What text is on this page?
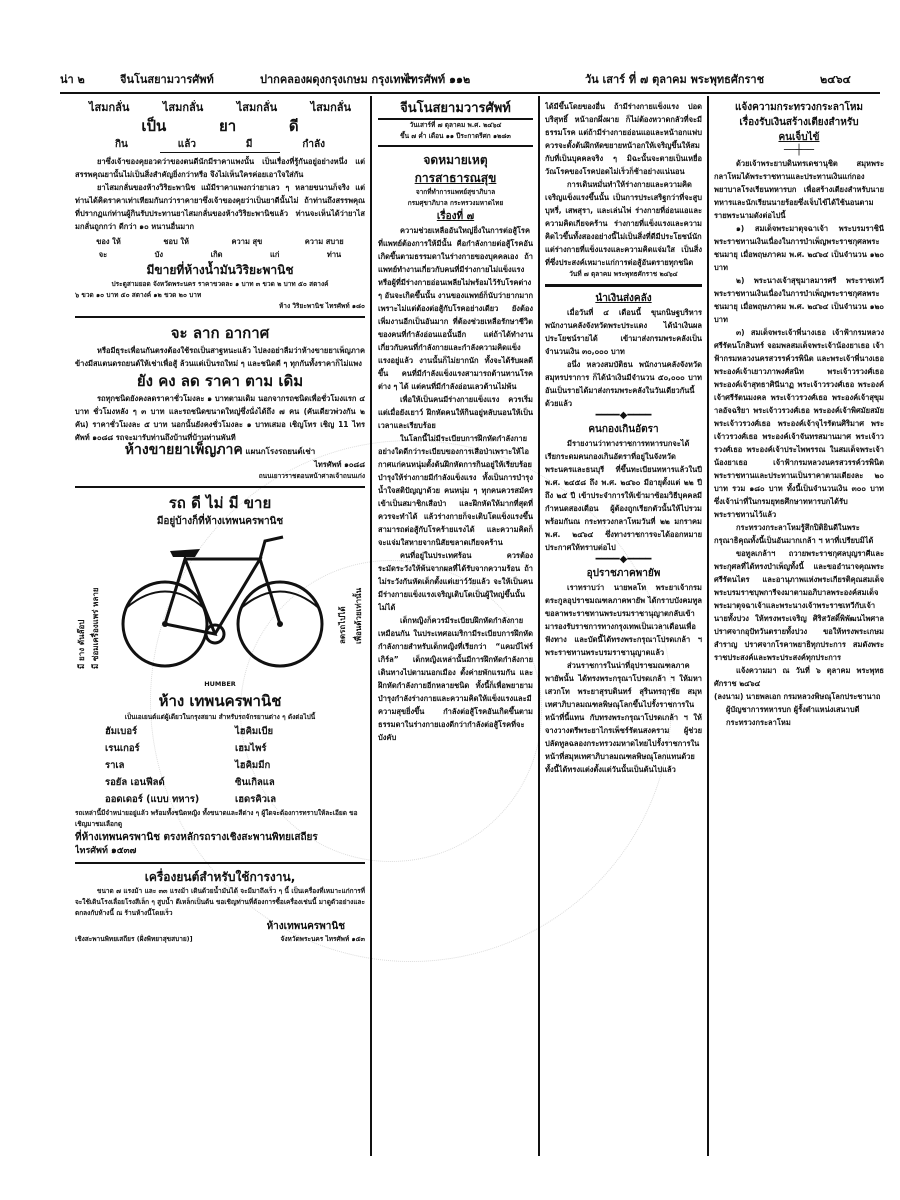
น่า ๒	จีนโนสยามวารศัพท์	ปากคลองผดุงกรุงเกษม กรุงเทพฯ
ไทรศัพท์ ๑๑๒	วัน เสาร์ ที่ ๗ ตุลาคม พระพุทธศักราช	๒๔๖๔
ไสมกลั่น	ไสมกลั่น	ไสมกลั่น	ไสมกลั่น
เป็น	ยา	ดี
กิน	แล้ว	มี	กำลัง

ยาซึ่งเจ้าของคุยอวดว่าของตนดีนักมีราคาแพงนั้น เป็นเรื่องที่รู้กันอยู่อย่างหนึ่ง แต่สรรพคุณยานั้นไม่เป็นสิ่งสำคัญยิ่งกว่าหรือ จึงไม่เห็นใครค่อยเอาใจใส่กัน

ยาไสมกลั่นของห้างวิริยะพานิช แม้มีราคาแพงกว่ายาเลว ๆ หลายขนานก็จริง แต่ท่านได้คิดราคาเท่าเทียมกันกว่าราคายาซึ่งเจ้าของคุยว่าเป็นยาดีนั้นไม่ ถ้าท่านถึงสรรพคุณที่ปรากฏแก่ท่านผู้กินรับประทานยาไสมกลั่นของห้างวิริยะพานิชแล้ว ท่านจะเห็นได้ว่ายาไสมกลั่นถูกกว่า ดีกว่า ๑๐ หนานอื่นมาก

ของ ให้	ชอบ ให้	ความ สุข	ความ สบาย
จะ	บัง	เกิด	แก่	ท่าน
มีขายที่ห้างน้ำมันวิริยะพานิช
ประตูสามยอด จังหวัดพระนคร ราคาขวดละ ๑ บาท ๓ ขวด ๒ บาท ๕๐ สตางค์
๖ ขวด ๑๐ บาท ๕๐ สตางค์ ๑๒ ขวด ๒๐ บาท
ห้าง วิริยะพานิช ไทรศัพท์ ๑๘๐
จะ ลาก อากาศ

หรือมีธุระเพื่อนกันตรงต้องใช้รถเป็นสาฐหนะแล้ว ไปลงอย่าลืมว่าห้างขายยาเพ็ญภาค ข้างมีสแตนดรถยนต์ให้เช่าเพื่อสู้ ล้วนแต่เป็นรถใหม่ ๆ และชนิดดี ๆ ทุกกันทั้งราคาก็ไม่แพง

ยัง คง ลด ราคา ตาม เดิม

รถทุกชนิดยังคงลดราคาชั่วโมงละ ๑ บาทตามเดิม นอกจากรถชนิดเพื่อชั่วโมงแรก ๔ บาท ชั่วโมงหลัง ๆ ๓ บาท และรถชนิดขนาดใหญ่ซึ่งนั่งได้ถึง ๗ คน (คันเดียวพ่วงกัน ๒ คัน) ราคาชั่วโมงละ ๕ บาท นอกนั้นยังคงชั่วโมงละ ๑ บาทเสมอ เชิญโทร เชิญ 11 ไทรศัพท์ ๑๐๘๘ รถจะมารับท่านถึงบ้านที่บ้านท่านพันที

ห้างขายยาเพ็ญภาค แผนกโรงรถยนต์เช่า
ไทรศัพท์ ๑๐๘๘
ถนนเยาวราชตอนหน้าศาลเจ้าถนนเก่ง
รถ ดี ไม่ มี ขาย
มีอยู่บ้างก็ที่ห้างเทพนครพานิช
มี ยาง ดันล๊อป มี ซ่อมเครื่องแพร่ หลาย	ลดรถไปได้ เพื่อนด้วยเท่านั้น
HUMBER
ห้าง เทพนครพานิช
เป็นเอเยนต์แต่ผู้เดียวในกรุงสยาม สำหรับรถจักรยานต่าง ๆ ดังต่อไปนี้
ฮัมเบอร์	ไฮคิมเบีย
เรนเกอร์	เฮมไพร์
ราเล	ไฮคิมมีก
รอยัล เอนฟีลด์	ซินเกิลแล
ออดเดอร์ (แบบ ทหาร)	เฮดรคิวเล
รถเหล่านี้มีจำหน่ายอยู่แล้ว พร้อมทั้งชนิดหญิง ทั้งขนาดและสีต่าง ๆ ผู้ใดจะต้องการทราบให้ละเอียด ขอเชิญมาชมเลือกดู
ที่ห้างเทพนครพานิช ตรงหลักรถรางเชิงสะพานพิทยเสถียร
ไทรศัพท์ ๑๕๓๗
เครื่องยนต์สำหรับใช้การงาน,

ขนาด ๗ แรงม้า และ ๓๓ แรงม้า เดินด้วยน้ำมันได้ จะมีมาถึงเร็ว ๆ นี้ เป็นเครื่องที่เหมาะแก่การที่จะใช้เดินโรงเลื่อยโรงสีเล็ก ๆ สูบน้ำ ตีเหล็กเป็นต้น ขอเชิญท่านที่ต้องการซื้อเครื่องเช่นนี้ มาดูตัวอย่างและตกลงกับห้างนี้ ณ ร้านห้างนี้โดยเร็ว

ห้างเทพนครพานิช
เชิงสะพานพิทยเสถียร (ฝั่งพิทยาสุขสบาย)]	จังหวัดพระนคร ไทรศัพท์ ๑๕๓
จีนโนสยามวารศัพท์
วันเสาร์ที่ ๗ ตุลาคม พ.ศ. ๒๔๖๔
ขึ้น ๗ ค่ำ เดือน ๑๑ ปีระกาตรีศก ๑๒๘๓
จดหมายเหตุ
การสาธารณสุข
จากที่ทำการแพทย์สุขาภิบาล
กรมศุขาภิบาล กระทรวงมหาดไทย
เรื่องที่ ๗

ความช่วยเหลืออันใหญ่ยิ่งในการต่อสู้โรคที่แพทย์ต้องการให้มีนั้น คือกำลังกายต่อสู้โรคอันเกิดขึ้นตามธรรมดาในร่างกายของบุคคลเอง ถ้าแพทย์ทำงานเกี่ยวกับคนที่มีร่างกายไม่แข็งแรงหรือผู้ที่มีร่างกายอ่อนเพลียไม่พร้อมไว้รับโรคต่าง ๆ อันจะเกิดขึ้นนั้น งานของแพทย์ก็นับว่ายากมาก เพราะไม่แต่ต้องต่อสู้กับโรคอย่างเดียว ยังต้องเพิ่มงานอีกเป็นอันมาก ที่ต้องช่วยเหลือรักษาชีวิตของคนที่กำลังอ่อนแอนั้นอีก แต่ถ้าได้ทำงานเกี่ยวกับคนที่กำลังกายและกำลังความคิดแข็งแรงอยู่แล้ว งานนั้นก็ไม่ยากนัก ทั้งจะได้รับผลดีขึ้น คนที่มีกำลังแข็งแรงสามารถต้านทานโรคต่าง ๆ ได้ แต่คนที่มีกำลังอ่อนเลวต้านไม่พ้น

เพื่อให้เป็นคนมีร่างกายแข็งแรง ควรเริ่มแต่เมื่อยังเยาว์ ฝึกหัดคนให้กินอยู่หลับนอนให้เป็นเวลาและเรียบร้อย

ในโลกนี้ไม่มีระเบียบการฝึกหัดกำลังกายอย่างใดดีกว่าระเบียบของการเสือป่าเพราะให้ไอกาศแก่คนหนุ่มตั้งต้นฝึกหัดการกินอยู่ให้เรียบร้อย บำรุงให้ร่างกายมีกำลังแข็งแรง ทั้งเป็นการบำรุงน้ำใจสติปัญญาด้วย คนหนุ่ม ๆ ทุกคนควรสมัครเข้าเป็นสมาชิกเสือป่า และฝึกหัดให้มากที่สุดที่ควรจะทำได้ แล้วร่างกายก็จะเติบโตแข็งแรงขึ้น สามารถต่อสู้กับโรคร้ายแรงได้ และความคิดก็จะแจ่มใสหายจากนิสัยขลาดเกียจคร้าน

คนที่อยู่ในประเทศร้อน ควรต้องระมัดระวังให้พ้นจากผลที่ได้รับจากความร้อน ถ้าไม่ระวังกันหัดเด็กตั้งแต่เยาว์วัยแล้ว จะให้เป็นคนมีร่างกายแข็งแรงเจริญเติบโตเป็นผู้ใหญ่ขึ้นนั้นไม่ได้

เด็กหญิงก็ควรมีระเบียบฝึกหัดกำลังกายเหมือนกัน ในประเทศอเมริกามีระเบียบการฝึกหัดกำลังกายสำหรับเด็กหญิงที่เรียกว่า “แคมป์ไฟร์เกิร์ล” เด็กหญิงเหล่านั้นมีการฝึกหัดกำลังกาย เดินทางไปตามนอกเมือง ตั้งค่ายพักแรมกัน และฝึกหัดกำลังกายอีกหลายชนิด ทั้งนี้ก็เพื่อพยายามบำรุงกำลังร่างกายและความคิดให้แข็งแรงและมีความสุขยิ่งขึ้น กำลังต่อสู้โรคอันเกิดขึ้นตามธรรมดาในร่างกายเองดีกว่ากำลังต่อสู้โรคที่จะบังคับ

ได้มีขึ้นโดยของอื่น ถ้ามีร่างกายแข็งแรง ปอดบริสุทธิ์ หน้าอกผึ่งผาย ก็ไม่ต้องหวาดกลัวที่จะมีธรรมโรค แต่ถ้ามีร่างกายอ่อนแอและหน้าอกแฟบ ควรจะตั้งต้นฝึกหัดขยายหน้าอกให้เจริญขึ้นให้สมกับที่เป็นบุคคลจริง ๆ มิฉะนั้นจะตายเป็นเหยื่อวัณโรคของโรคปอดไม่เร็วก็ช้าอย่างแน่นอน

การเดินหมั่นทำให้ร่างกายและความคิดเจริญแข็งแรงขึ้นนั้น เป็นการประเสริฐกว่าที่จะสูบบุหรี่, เสพสุรา, และเล่นไพ่ ร่างกายที่อ่อนแอและความคิดเกียจคร้าน ร่างกายที่แข็งแรงและความคิดไวขึ้นทั้งสองอย่างนี้ไม่เป็นสิ่งที่ดีมีประโยชน์นัก แต่ร่างกายที่แข็งแรงและความคิดแจ่มใส เป็นสิ่งที่ซึ่งประสงค์เหมาะแก่การต่อสู้อันตรายทุกชนิด

วันที่ ๗ ตุลาคม พระพุทธศักราช ๒๔๖๔
นำเงินส่งคลัง

เมื่อวันที่ ๔ เดือนนี้ ขุนกนิษฐบริหาร พนักงานคลังจังหวัดพระประแดง ได้นำเงินผลประโยชน์รายได้ เข้ามาส่งกรมพระคลังเป็นจำนวนเงิน ๓๐,๐๐๐ บาท

อนึ่ง หลวงสมบัติธน พนักงานคลังจังหวัดสมุทรปราการ ก็ได้นำเงินมีจำนวน ๕๐,๐๐๐ บาท อันเป็นรายได้มาส่งกรมพระคลังในวันเดียวกันนี้ด้วยแล้ว

━━━━◆━━━━
คนกองเกินอัตรา

มีรายงานว่าทางราชการทหารบกจะได้เรียกระดมคนกองเกินอัตราที่อยู่ในจังหวัดพระนครและธนบุรี ที่ขึ้นทะเบียนทหารแล้วในปี พ.ศ. ๒๔๕๘ ถึง พ.ศ. ๒๔๖๐ มีอายุตั้งแต่ ๒๒ ปีถึง ๒๕ ปี เข้าประจำการให้เข้ามาซ้อมวิธีบุคคลมีกำหนดสองเดือน ผู้ต้องถูกเรียกตัวนั้นให้ไปรวมพร้อมกันณ กระทรวงกลาโหมวันที่ ๒๒ มกราคม พ.ศ. ๒๔๖๔ ซึ่งทางราชการจะได้ออกหมายประกาศให้ทราบต่อไป

━━━━◆━━━━
อุปราชภาคพายัพ

เราทราบว่า นายพลโท พระยาเจ้ากรมตระกูลอุปราชมณฑลภาคพายัพ ได้กราบบังคมทูลขอลาพระราชทานพระบรมราชานุญาตกลับเข้ามารองรับราชการทางกรุงเทพเป็นเวลาเดือนเพื่อฟังทาง และบัดนี้ได้ทรงพระกรุณาโปรดเกล้า ฯ พระราชทานพระบรมราชานุญาตแล้ว

ส่วนราชการในน่าที่อุปราชมณฑลภาคพายัพนั้น ได้ทรงพระกรุณาโปรดเกล้า ฯ ให้มหาเสวกโท พระยาสุรบดินทร์ สุรินทรฤๅชัย สมุหเทศาภิบาลมณฑลพิษณุโลกขึ้นไปรั้งราชการในหน้าที่นี้แทน กับทรงพระกรุณาโปรดเกล้า ฯ ให้ จางวางตรีพระยาไกรเพ็ชร์รัตนสงคราม ผู้ช่วยปลัดทูลฉลองกระทรวงมหาดไทยไปรั้งราชการในหน้าที่สมุหเทศาภิบาลมณฑลพิษณุโลกแทนด้วย ทั้งนี้ได้ทรงแต่งตั้งแต่วันนั้นเป็นต้นไปแล้ว

แจ้งความกระทรวงกระลาโหม
เรื่องรับเงินสร้างเตียงสำหรับ
คนเจ็บไข้
──┼──

ด้วยเจ้าพระยาบดินทรเดชานุชิต สมุหพระกลาโหมได้พระราชทานและประทานเงินแก่กองพยาบาลโรงเรียนทหารบก เพื่อสร้างเตียงสำหรับนายทหารและนักเรียนนายร้อยซึ่งเจ็บไข้ได้ใช้นอนตามรายพระนามดังต่อไปนี้

๑) สมเด็จพระมาตุจฉาเจ้า พระบรมราชินี พระราชทานเงินเนื่องในการบำเพ็ญพระราชกุศลพระชนมายุ เมื่อพฤษภาคม พ.ศ. ๒๔๖๔ เป็นจำนวน ๑๒๐ บาท

๒) พระนางเจ้าสุขุมาลมารศรี พระราชเทวี พระราชทานเงินเนื่องในการบำเพ็ญพระราชกุศลพระชนมายุ เมื่อพฤษภาคม พ.ศ. ๒๔๖๔ เป็นจำนวน ๑๒๐ บาท

๓) สมเด็จพระเจ้าพี่นางเธอ เจ้าฟ้ากรมหลวงศรีรัตนโกสินทร์ จอมพลสมเด็จพระเจ้าน้องยาเธอ เจ้าฟ้ากรมหลวงนครสวรรค์วรพินิต และพระเจ้าพี่นางเธอ พระองค์เจ้าเยาวภาพงศ์สนิท พระเจ้าวรวงศ์เธอ พระองค์เจ้าสุทธาศินีนาฏ พระเจ้าวรวงศ์เธอ พระองค์เจ้าศรีรัตนมงคล พระเจ้าวรวงศ์เธอ พระองค์เจ้าสุขุมาลอัจฉริยา พระเจ้าวรวงศ์เธอ พระองค์เจ้าพิศมัยสมัย พระเจ้าวรวงศ์เธอ พระองค์เจ้าจุไรรัตนศิริมาศ พระเจ้าวรวงศ์เธอ พระองค์เจ้าจันทรสมานมาศ พระเจ้าวรวงศ์เธอ พระองค์เจ้าประไพพรรณ ในสมเด็จพระเจ้าน้องยาเธอ เจ้าฟ้ากรมหลวงนครสวรรค์วรพินิต พระราชทานและประทานเป็นราคาตามเตียงละ ๒๐ บาท รวม ๑๘๐ บาท ทั้งนี้เป็นจำนวนเงิน ๓๐๐ บาท ซึ่งเจ้าน่าที่ในกรมยุทธศึกษาทหารบกได้รับพระราชทานไว้แล้ว

กระทรวงกระลาโหมรู้สึกปิติยินดีในพระกรุณาธิคุณทั้งนี้เป็นอันมากเกล้า ฯ หาที่เปรียบมิได้

ขอทูลเกล้าฯ ถวายพระราชกุศลบุญราศีและพระกุศลที่ได้ทรงบำเพ็ญทั้งนี้ และขออำนาจคุณพระศรีรัตนไตร และอานุภาพแห่งพระเกียรติคุณสมเด็จพระบรมราชบุพการีจงมาตามอภิบาลพระองค์สมเด็จพระมาตุจฉาเจ้าและพระนางเจ้าพระราชเทวีกับเจ้านายทั้งปวง ให้ทรงพระเจริญ ศิริสวัสดิ์พิพัฒนไพศาลปราศจากอุปัทวันตรายทั้งปวง ขอให้ทรงพระเกษมสำราญ ปราศจากโรคาพยาธิทุกประการ สมดังพระราชประสงค์และพระประสงค์ทุกประการ

แจ้งความมา ณ วันที่ ๖ ตุลาคม พระพุทธศักราช ๒๔๖๔

(ลงนาม) นายพลเอก กรมหลวงพิษณุโลกประชานาถ
ผู้บัญชาการทหารบก ผู้รั้งตำแหน่งเสนาบดีกระทรวงกระลาโหม
